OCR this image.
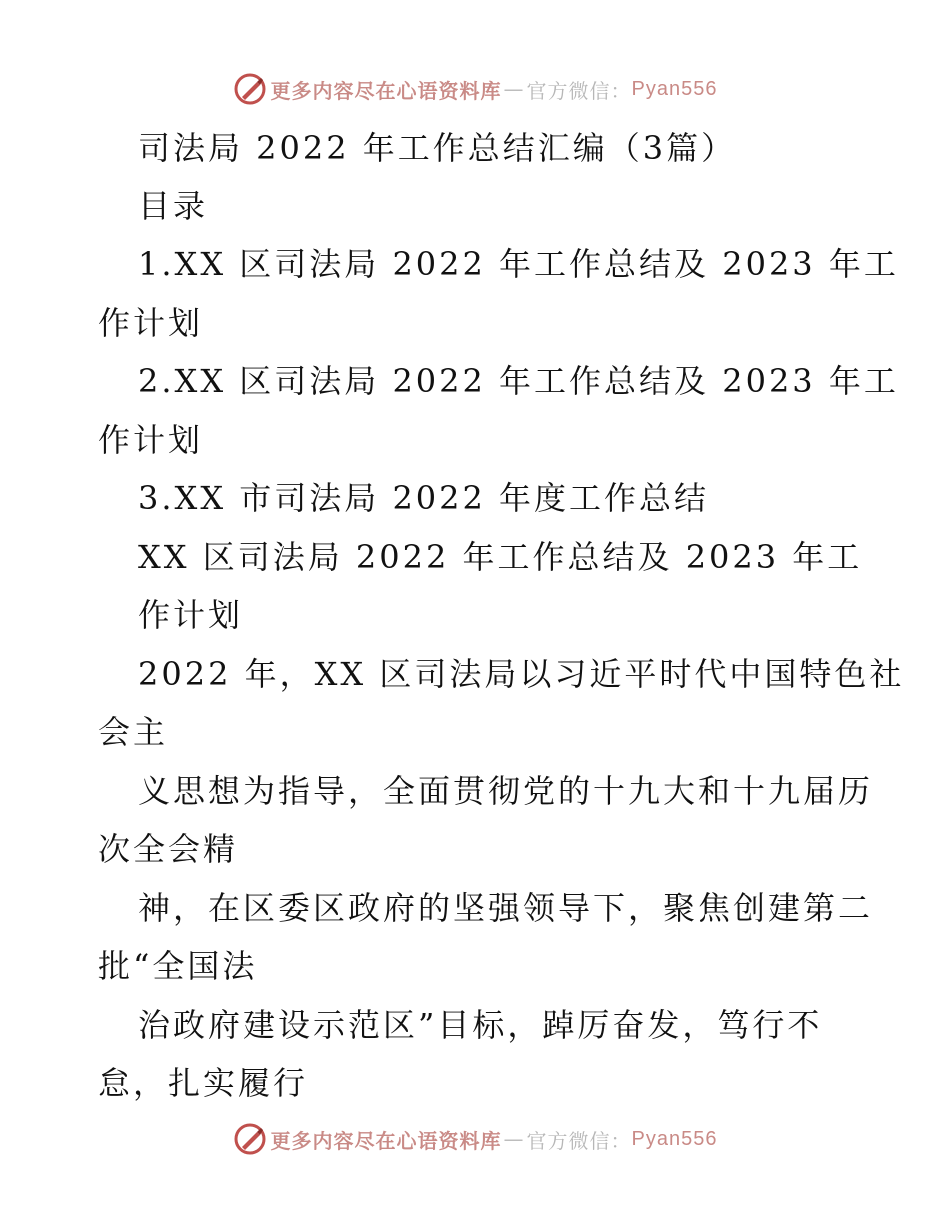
更多内容尽在心语资料库 — 官方微信： Pyan556
司法局 2022 年工作总结汇编（3篇）
目录
1.XX 区司法局 2022 年工作总结及 2023 年工
作计划
2.XX 区司法局 2022 年工作总结及 2023 年工
作计划
3.XX 市司法局 2022 年度工作总结
XX 区司法局 2022 年工作总结及 2023 年工
作计划
2022 年，XX 区司法局以习近平时代中国特色社
会主
义思想为指导，全面贯彻党的十九大和十九届历
次全会精
神，在区委区政府的坚强领导下，聚焦创建第二
批“全国法
治政府建设示范区”目标，踔厉奋发，笃行不
怠，扎实履行
更多内容尽在心语资料库 — 官方微信： Pyan556
